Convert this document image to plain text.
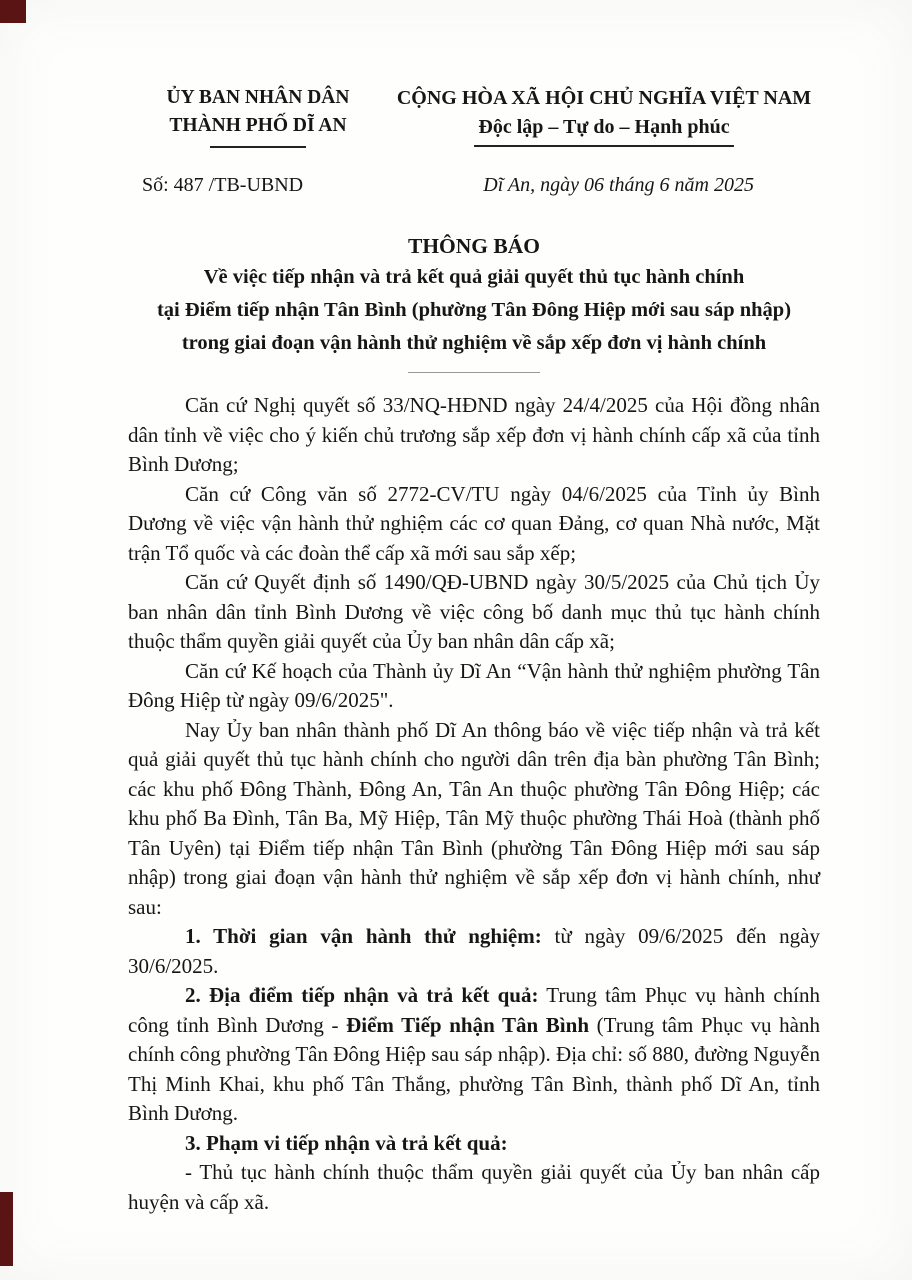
ỦY BAN NHÂN DÂN
THÀNH PHỐ DĨ AN
CỘNG HÒA XÃ HỘI CHỦ NGHĨA VIỆT NAM
Độc lập – Tự do – Hạnh phúc
Số: 487 /TB-UBND	Dĩ An, ngày 06 tháng 6 năm 2025
THÔNG BÁO
Về việc tiếp nhận và trả kết quả giải quyết thủ tục hành chính
tại Điểm tiếp nhận Tân Bình (phường Tân Đông Hiệp mới sau sáp nhập)
trong giai đoạn vận hành thử nghiệm về sắp xếp đơn vị hành chính

Căn cứ Nghị quyết số 33/NQ-HĐND ngày 24/4/2025 của Hội đồng nhân dân tỉnh về việc cho ý kiến chủ trương sắp xếp đơn vị hành chính cấp xã của tỉnh Bình Dương;

Căn cứ Công văn số 2772-CV/TU ngày 04/6/2025 của Tỉnh ủy Bình Dương về việc vận hành thử nghiệm các cơ quan Đảng, cơ quan Nhà nước, Mặt trận Tổ quốc và các đoàn thể cấp xã mới sau sắp xếp;

Căn cứ Quyết định số 1490/QĐ-UBND ngày 30/5/2025 của Chủ tịch Ủy ban nhân dân tỉnh Bình Dương về việc công bố danh mục thủ tục hành chính thuộc thẩm quyền giải quyết của Ủy ban nhân dân cấp xã;

Căn cứ Kế hoạch của Thành ủy Dĩ An “Vận hành thử nghiệm phường Tân Đông Hiệp từ ngày 09/6/2025".

Nay Ủy ban nhân thành phố Dĩ An thông báo về việc tiếp nhận và trả kết quả giải quyết thủ tục hành chính cho người dân trên địa bàn phường Tân Bình; các khu phố Đông Thành, Đông An, Tân An thuộc phường Tân Đông Hiệp; các khu phố Ba Đình, Tân Ba, Mỹ Hiệp, Tân Mỹ thuộc phường Thái Hoà (thành phố Tân Uyên) tại Điểm tiếp nhận Tân Bình (phường Tân Đông Hiệp mới sau sáp nhập) trong giai đoạn vận hành thử nghiệm về sắp xếp đơn vị hành chính, như sau:

1. Thời gian vận hành thử nghiệm: từ ngày 09/6/2025 đến ngày 30/6/2025.

2. Địa điểm tiếp nhận và trả kết quả: Trung tâm Phục vụ hành chính công tỉnh Bình Dương - Điểm Tiếp nhận Tân Bình (Trung tâm Phục vụ hành chính công phường Tân Đông Hiệp sau sáp nhập). Địa chỉ: số 880, đường Nguyễn Thị Minh Khai, khu phố Tân Thắng, phường Tân Bình, thành phố Dĩ An, tỉnh Bình Dương.

3. Phạm vi tiếp nhận và trả kết quả:

- Thủ tục hành chính thuộc thẩm quyền giải quyết của Ủy ban nhân cấp huyện và cấp xã.
